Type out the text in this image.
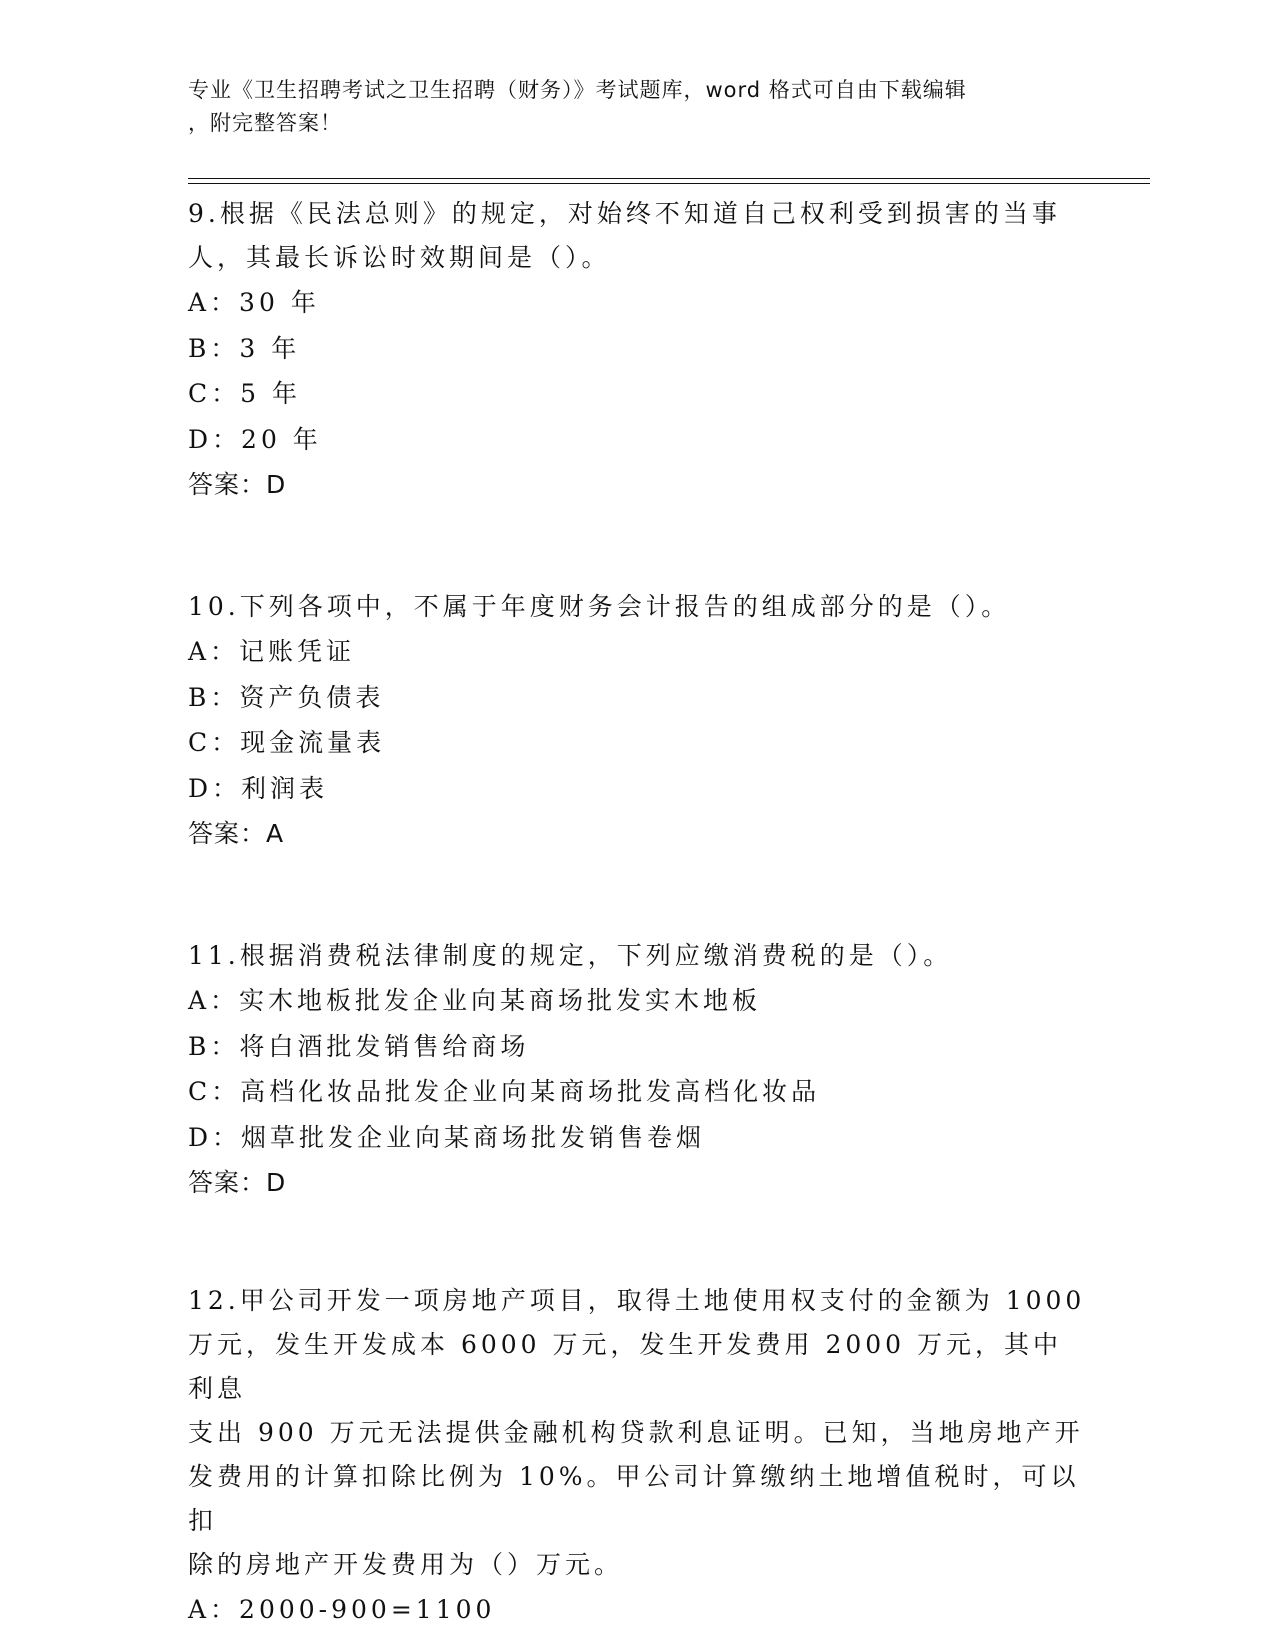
专业《卫生招聘考试之卫生招聘（财务）》考试题库，word 格式可自由下载编辑
，附完整答案！
9.根据《民法总则》的规定，对始终不知道自己权利受到损害的当事
人，其最长诉讼时效期间是（）。
A：30 年
B：3 年
C：5 年
D：20 年
答案：D
10.下列各项中，不属于年度财务会计报告的组成部分的是（）。
A：记账凭证
B：资产负债表
C：现金流量表
D：利润表
答案：A
11.根据消费税法律制度的规定，下列应缴消费税的是（）。
A：实木地板批发企业向某商场批发实木地板
B：将白酒批发销售给商场
C：高档化妆品批发企业向某商场批发高档化妆品
D：烟草批发企业向某商场批发销售卷烟
答案：D
12.甲公司开发一项房地产项目，取得土地使用权支付的金额为 1000
万元，发生开发成本 6000 万元，发生开发费用 2000 万元，其中利息
支出 900 万元无法提供金融机构贷款利息证明。已知，当地房地产开
发费用的计算扣除比例为 10%。甲公司计算缴纳土地增值税时，可以扣
除的房地产开发费用为（）万元。
A：2000-900=1100
